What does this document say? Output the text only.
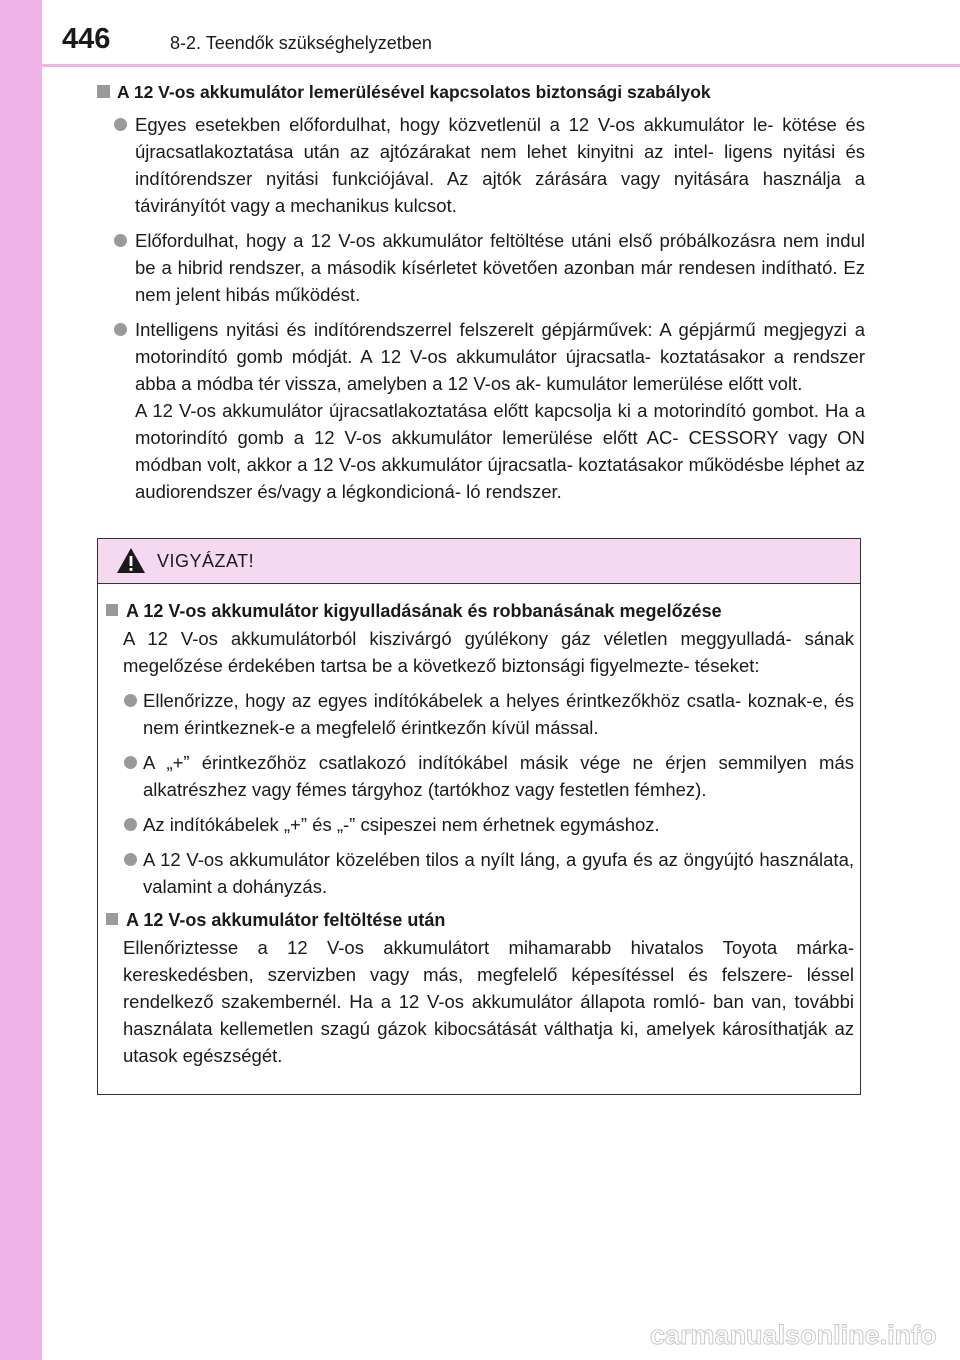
446	8-2. Teendők szükséghelyzetben
A 12 V-os akkumulátor lemerülésével kapcsolatos biztonsági szabályok
Egyes esetekben előfordulhat, hogy közvetlenül a 12 V-os akkumulátor le- kötése és újracsatlakoztatása után az ajtózárakat nem lehet kinyitni az intel- ligens nyitási és indítórendszer nyitási funkciójával. Az ajtók zárására vagy nyitására használja a távirányítót vagy a mechanikus kulcsot.
Előfordulhat, hogy a 12 V-os akkumulátor feltöltése utáni első próbálkozásra nem indul be a hibrid rendszer, a második kísérletet követően azonban már rendesen indítható. Ez nem jelent hibás működést.
Intelligens nyitási és indítórendszerrel felszerelt gépjárművek: A gépjármű megjegyzi a motorindító gomb módját. A 12 V-os akkumulátor újracsatla- koztatásakor a rendszer abba a módba tér vissza, amelyben a 12 V-os ak- kumulátor lemerülése előtt volt.
A 12 V-os akkumulátor újracsatlakoztatása előtt kapcsolja ki a motorindító gombot. Ha a motorindító gomb a 12 V-os akkumulátor lemerülése előtt AC- CESSORY vagy ON módban volt, akkor a 12 V-os akkumulátor újracsatla- koztatásakor működésbe léphet az audiorendszer és/vagy a légkondicioná- ló rendszer.
VIGYÁZAT!
A 12 V-os akkumulátor kigyulladásának és robbanásának megelőzése
A 12 V-os akkumulátorból kiszivárgó gyúlékony gáz véletlen meggyulladá- sának megelőzése érdekében tartsa be a következő biztonsági figyelmezte- téseket:
Ellenőrizze, hogy az egyes indítókábelek a helyes érintkezőkhöz csatla- koznak-e, és nem érintkeznek-e a megfelelő érintkezőn kívül mással.
A „+” érintkezőhöz csatlakozó indítókábel másik vége ne érjen semmilyen más alkatrészhez vagy fémes tárgyhoz (tartókhoz vagy festetlen fémhez).
Az indítókábelek „+” és „-” csipeszei nem érhetnek egymáshoz.
A 12 V-os akkumulátor közelében tilos a nyílt láng, a gyufa és az öngyújtó használata, valamint a dohányzás.
A 12 V-os akkumulátor feltöltése után
Ellenőriztesse a 12 V-os akkumulátort mihamarabb hivatalos Toyota márka- kereskedésben, szervizben vagy más, megfelelő képesítéssel és felszere- léssel rendelkező szakembernél. Ha a 12 V-os akkumulátor állapota romló- ban van, további használata kellemetlen szagú gázok kibocsátását válthatja ki, amelyek károsíthatják az utasok egészségét.
carmanualsonline.info
